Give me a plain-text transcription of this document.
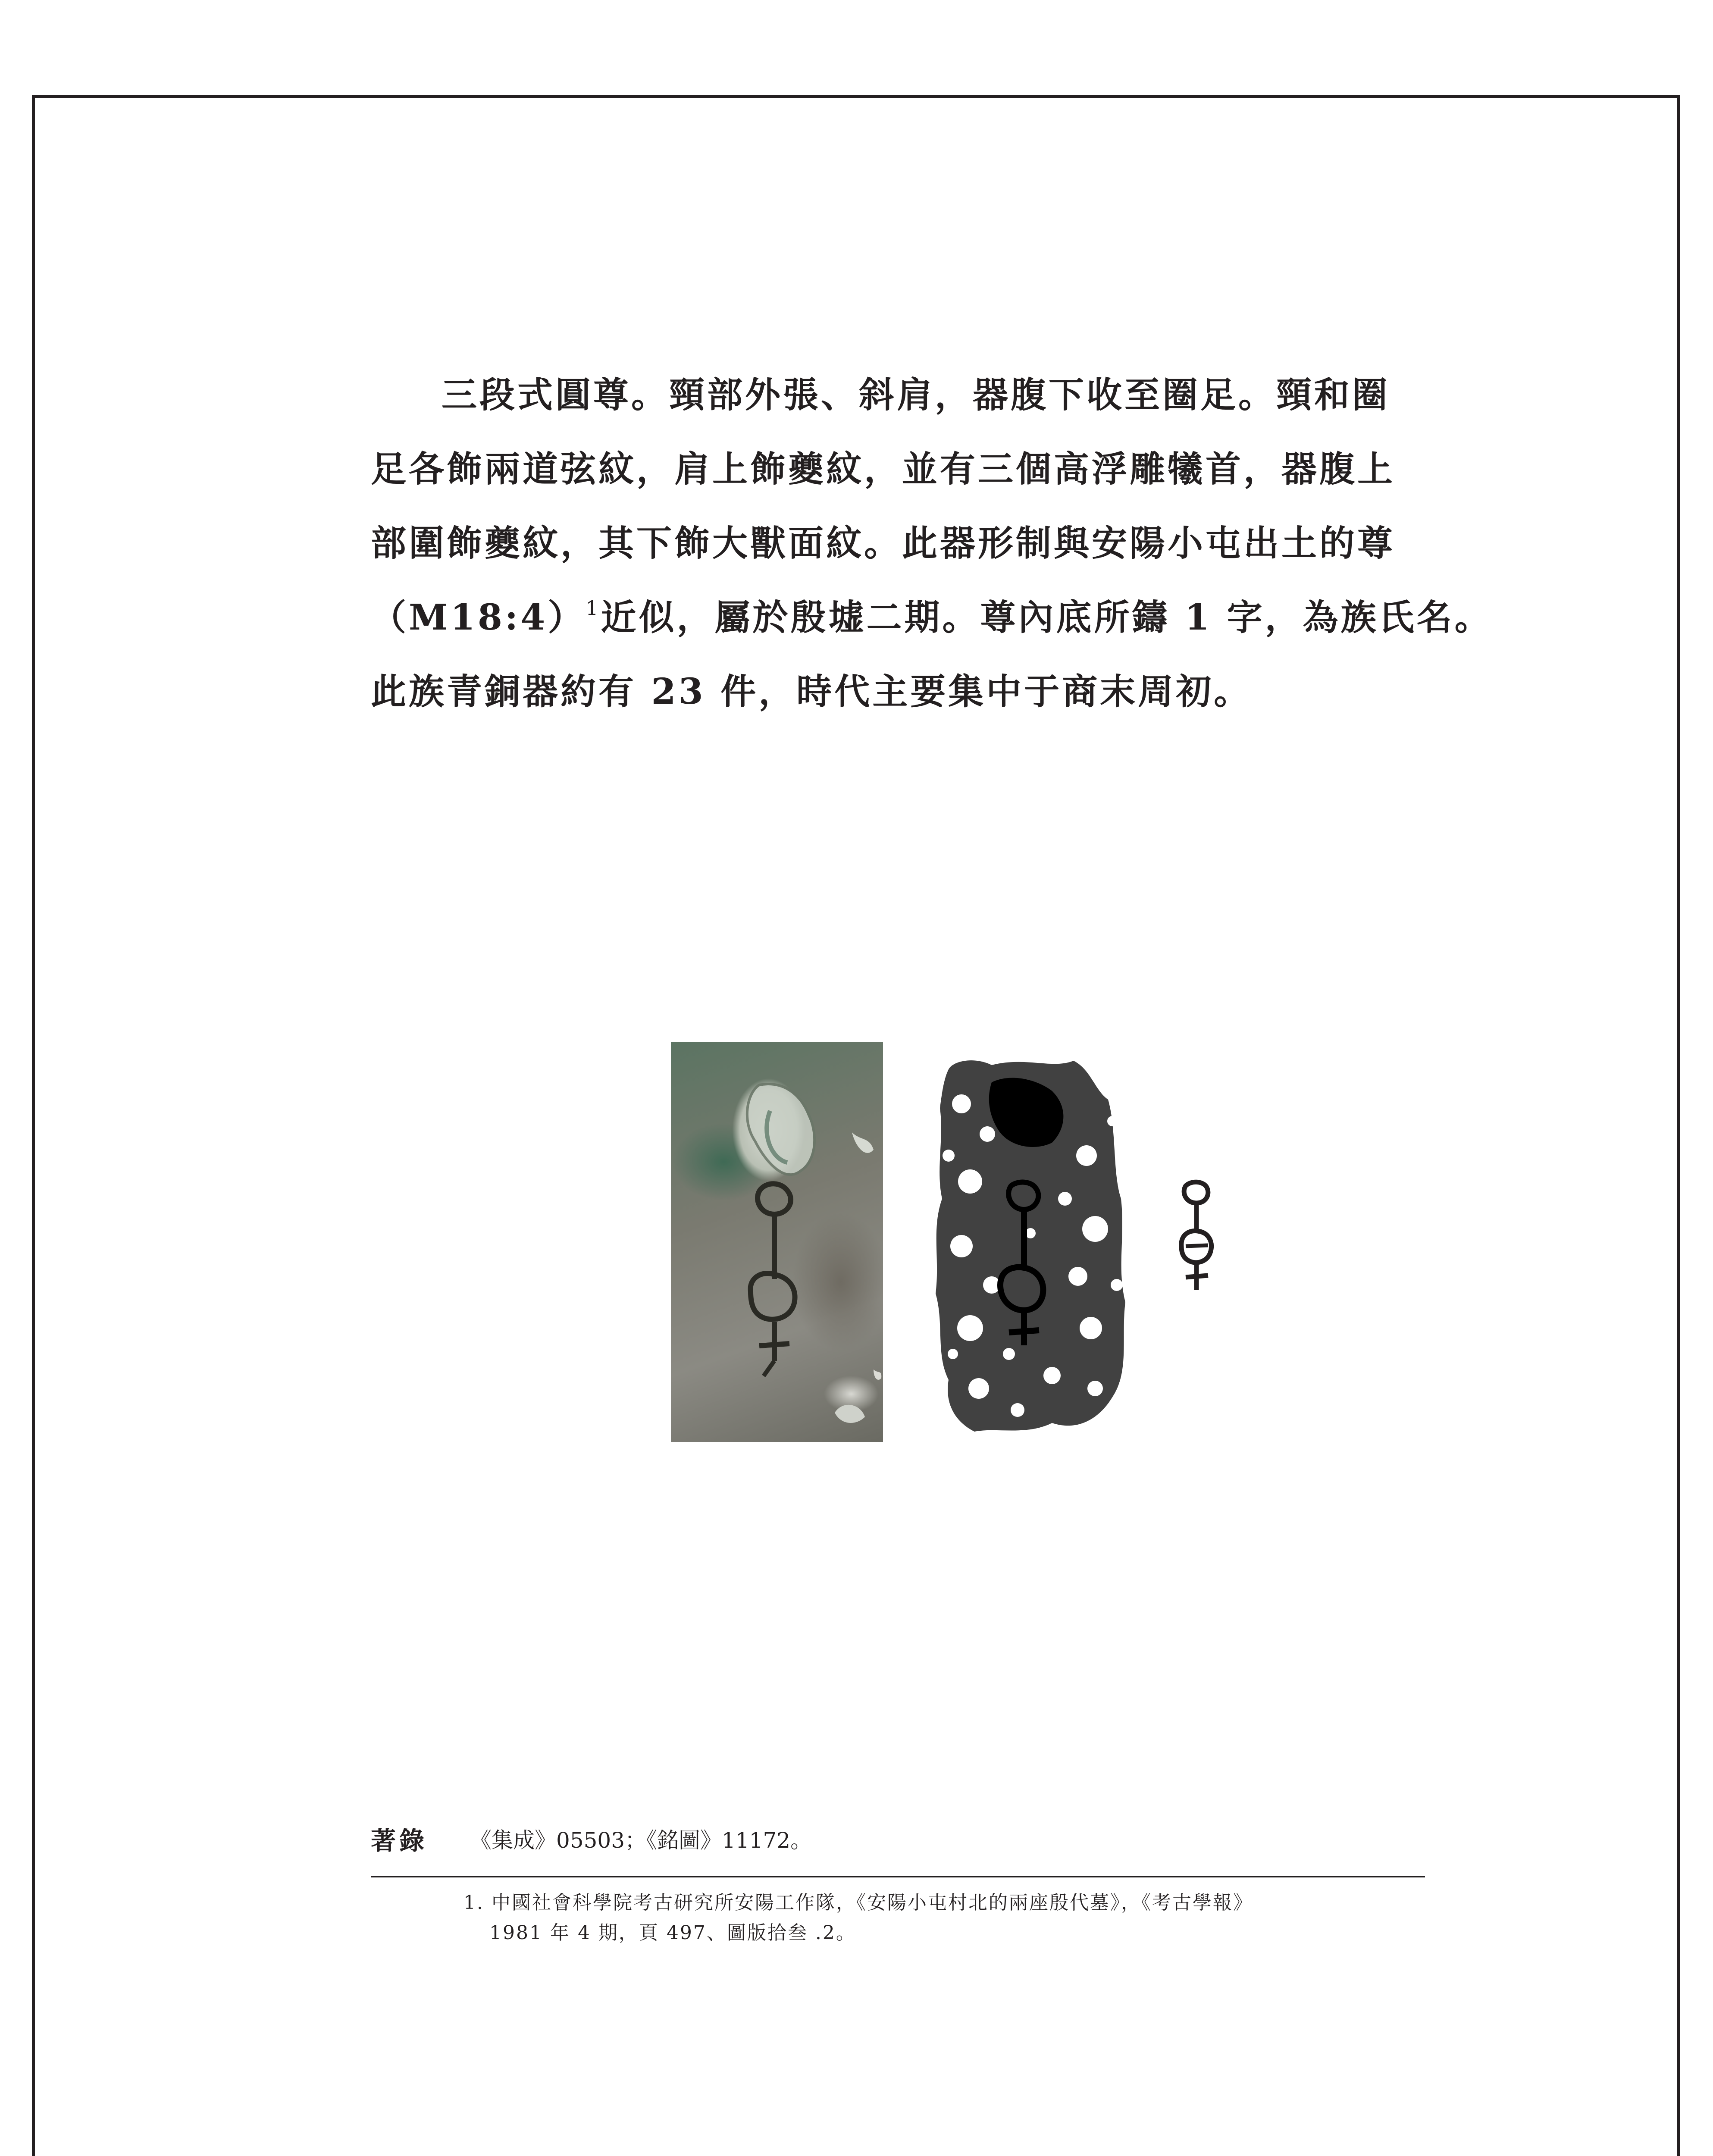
三段式圓尊。頸部外張、斜肩，器腹下收至圈足。頸和圈
足各飾兩道弦紋，肩上飾夔紋，並有三個高浮雕犧首，器腹上
部圍飾夔紋，其下飾大獸面紋。此器形制與安陽小屯出土的尊
（M18:4）$^1$近似，屬於殷墟二期。尊內底所鑄 1 字，為族氏名。
此族青銅器約有 23 件，時代主要集中于商末周初。
著錄 《集成》05503；《銘圖》11172。
1. 中國社會科學院考古研究所安陽工作隊，《安陽小屯村北的兩座殷代墓》，《考古學報》
1981 年 4 期，頁 497、圖版拾叁 .2。
